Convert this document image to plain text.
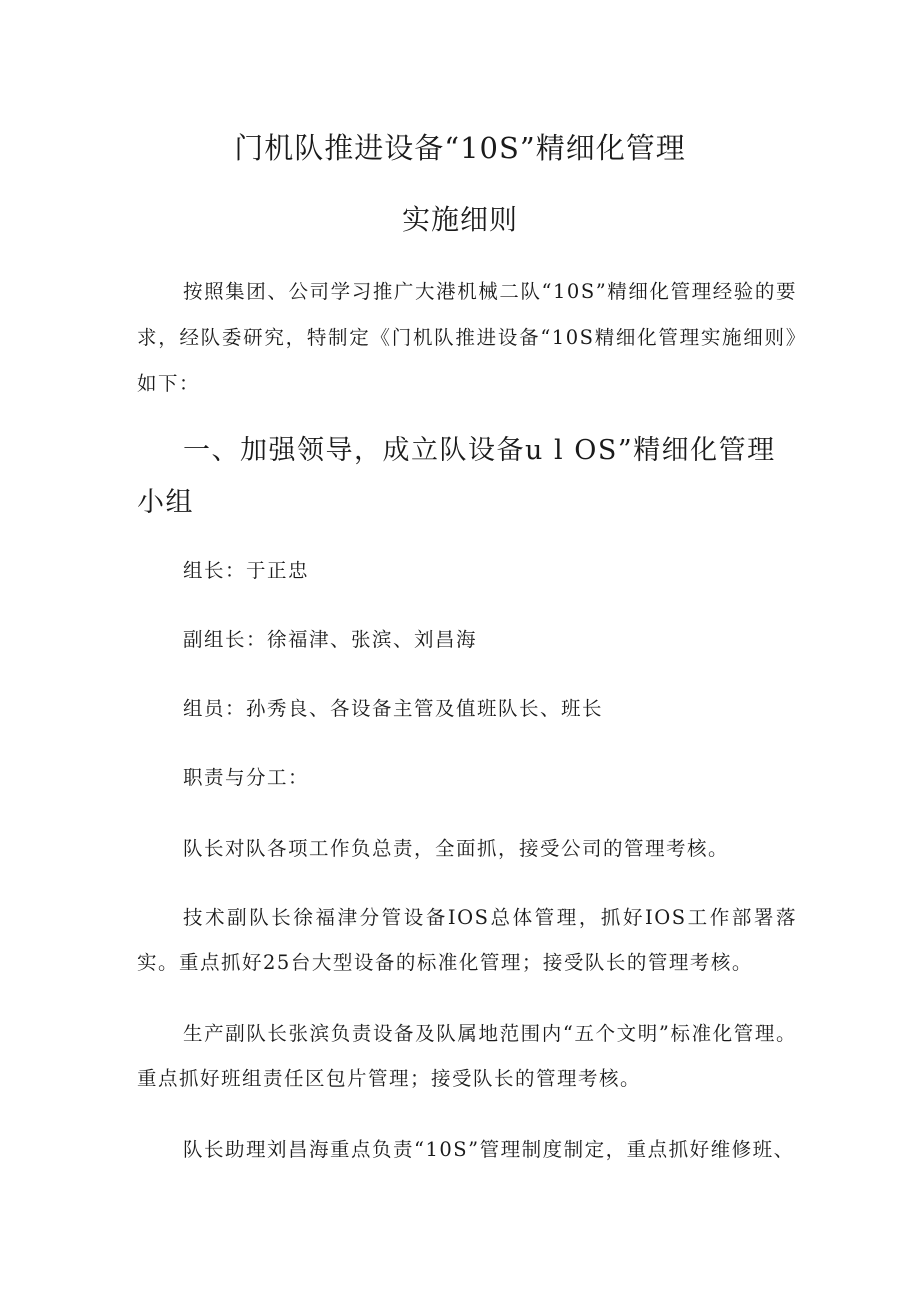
门机队推进设备“10S”精细化管理
实施细则

按照集团、公司学习推广大港机械二队“10S”精细化管理经验的要求，经队委研究，特制定《门机队推进设备“10S精细化管理实施细则》如下：

一、加强领导，成立队设备u l OS”精细化管理小组

组长：于正忠

副组长：徐福津、张滨、刘昌海

组员：孙秀良、各设备主管及值班队长、班长

职责与分工：

队长对队各项工作负总责，全面抓，接受公司的管理考核。

技术副队长徐福津分管设备IOS总体管理，抓好IOS工作部署落实。重点抓好25台大型设备的标准化管理；接受队长的管理考核。

生产副队长张滨负责设备及队属地范围内“五个文明”标准化管理。重点抓好班组责任区包片管理；接受队长的管理考核。

队长助理刘昌海重点负责“10S”管理制度制定，重点抓好维修班、
